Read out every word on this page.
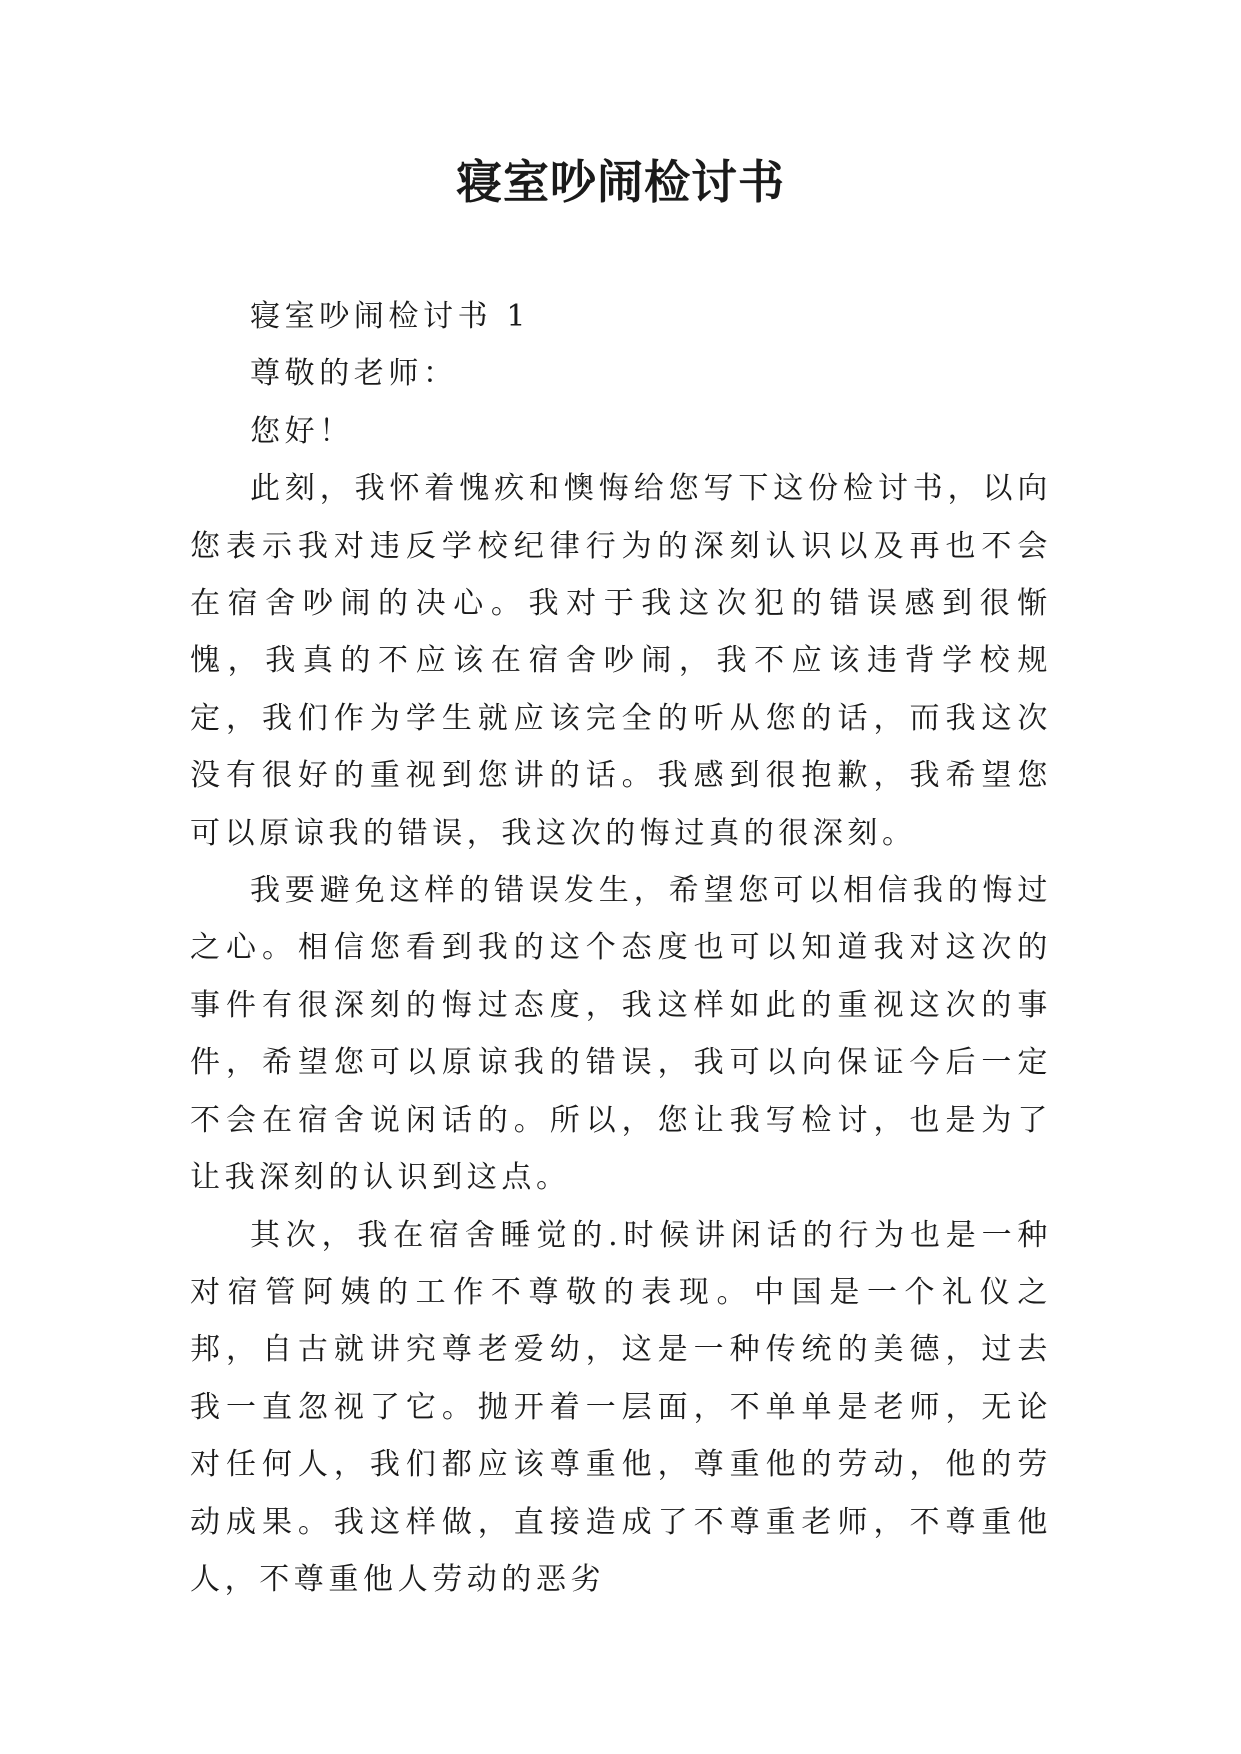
寝室吵闹检讨书

寝室吵闹检讨书 1

尊敬的老师：

您好！

此刻，我怀着愧疚和懊悔给您写下这份检讨书，以向您表示我对违反学校纪律行为的深刻认识以及再也不会在宿舍吵闹的决心。我对于我这次犯的错误感到很惭愧，我真的不应该在宿舍吵闹，我不应该违背学校规定，我们作为学生就应该完全的听从您的话，而我这次没有很好的重视到您讲的话。我感到很抱歉，我希望您可以原谅我的错误，我这次的悔过真的很深刻。

我要避免这样的错误发生，希望您可以相信我的悔过之心。相信您看到我的这个态度也可以知道我对这次的事件有很深刻的悔过态度，我这样如此的重视这次的事件，希望您可以原谅我的错误，我可以向保证今后一定不会在宿舍说闲话的。所以，您让我写检讨，也是为了让我深刻的认识到这点。

其次，我在宿舍睡觉的.时候讲闲话的行为也是一种对宿管阿姨的工作不尊敬的表现。中国是一个礼仪之邦，自古就讲究尊老爱幼，这是一种传统的美德，过去我一直忽视了它。抛开着一层面，不单单是老师，无论对任何人，我们都应该尊重他，尊重他的劳动，他的劳动成果。我这样做，直接造成了不尊重老师，不尊重他人，不尊重他人劳动的恶劣
